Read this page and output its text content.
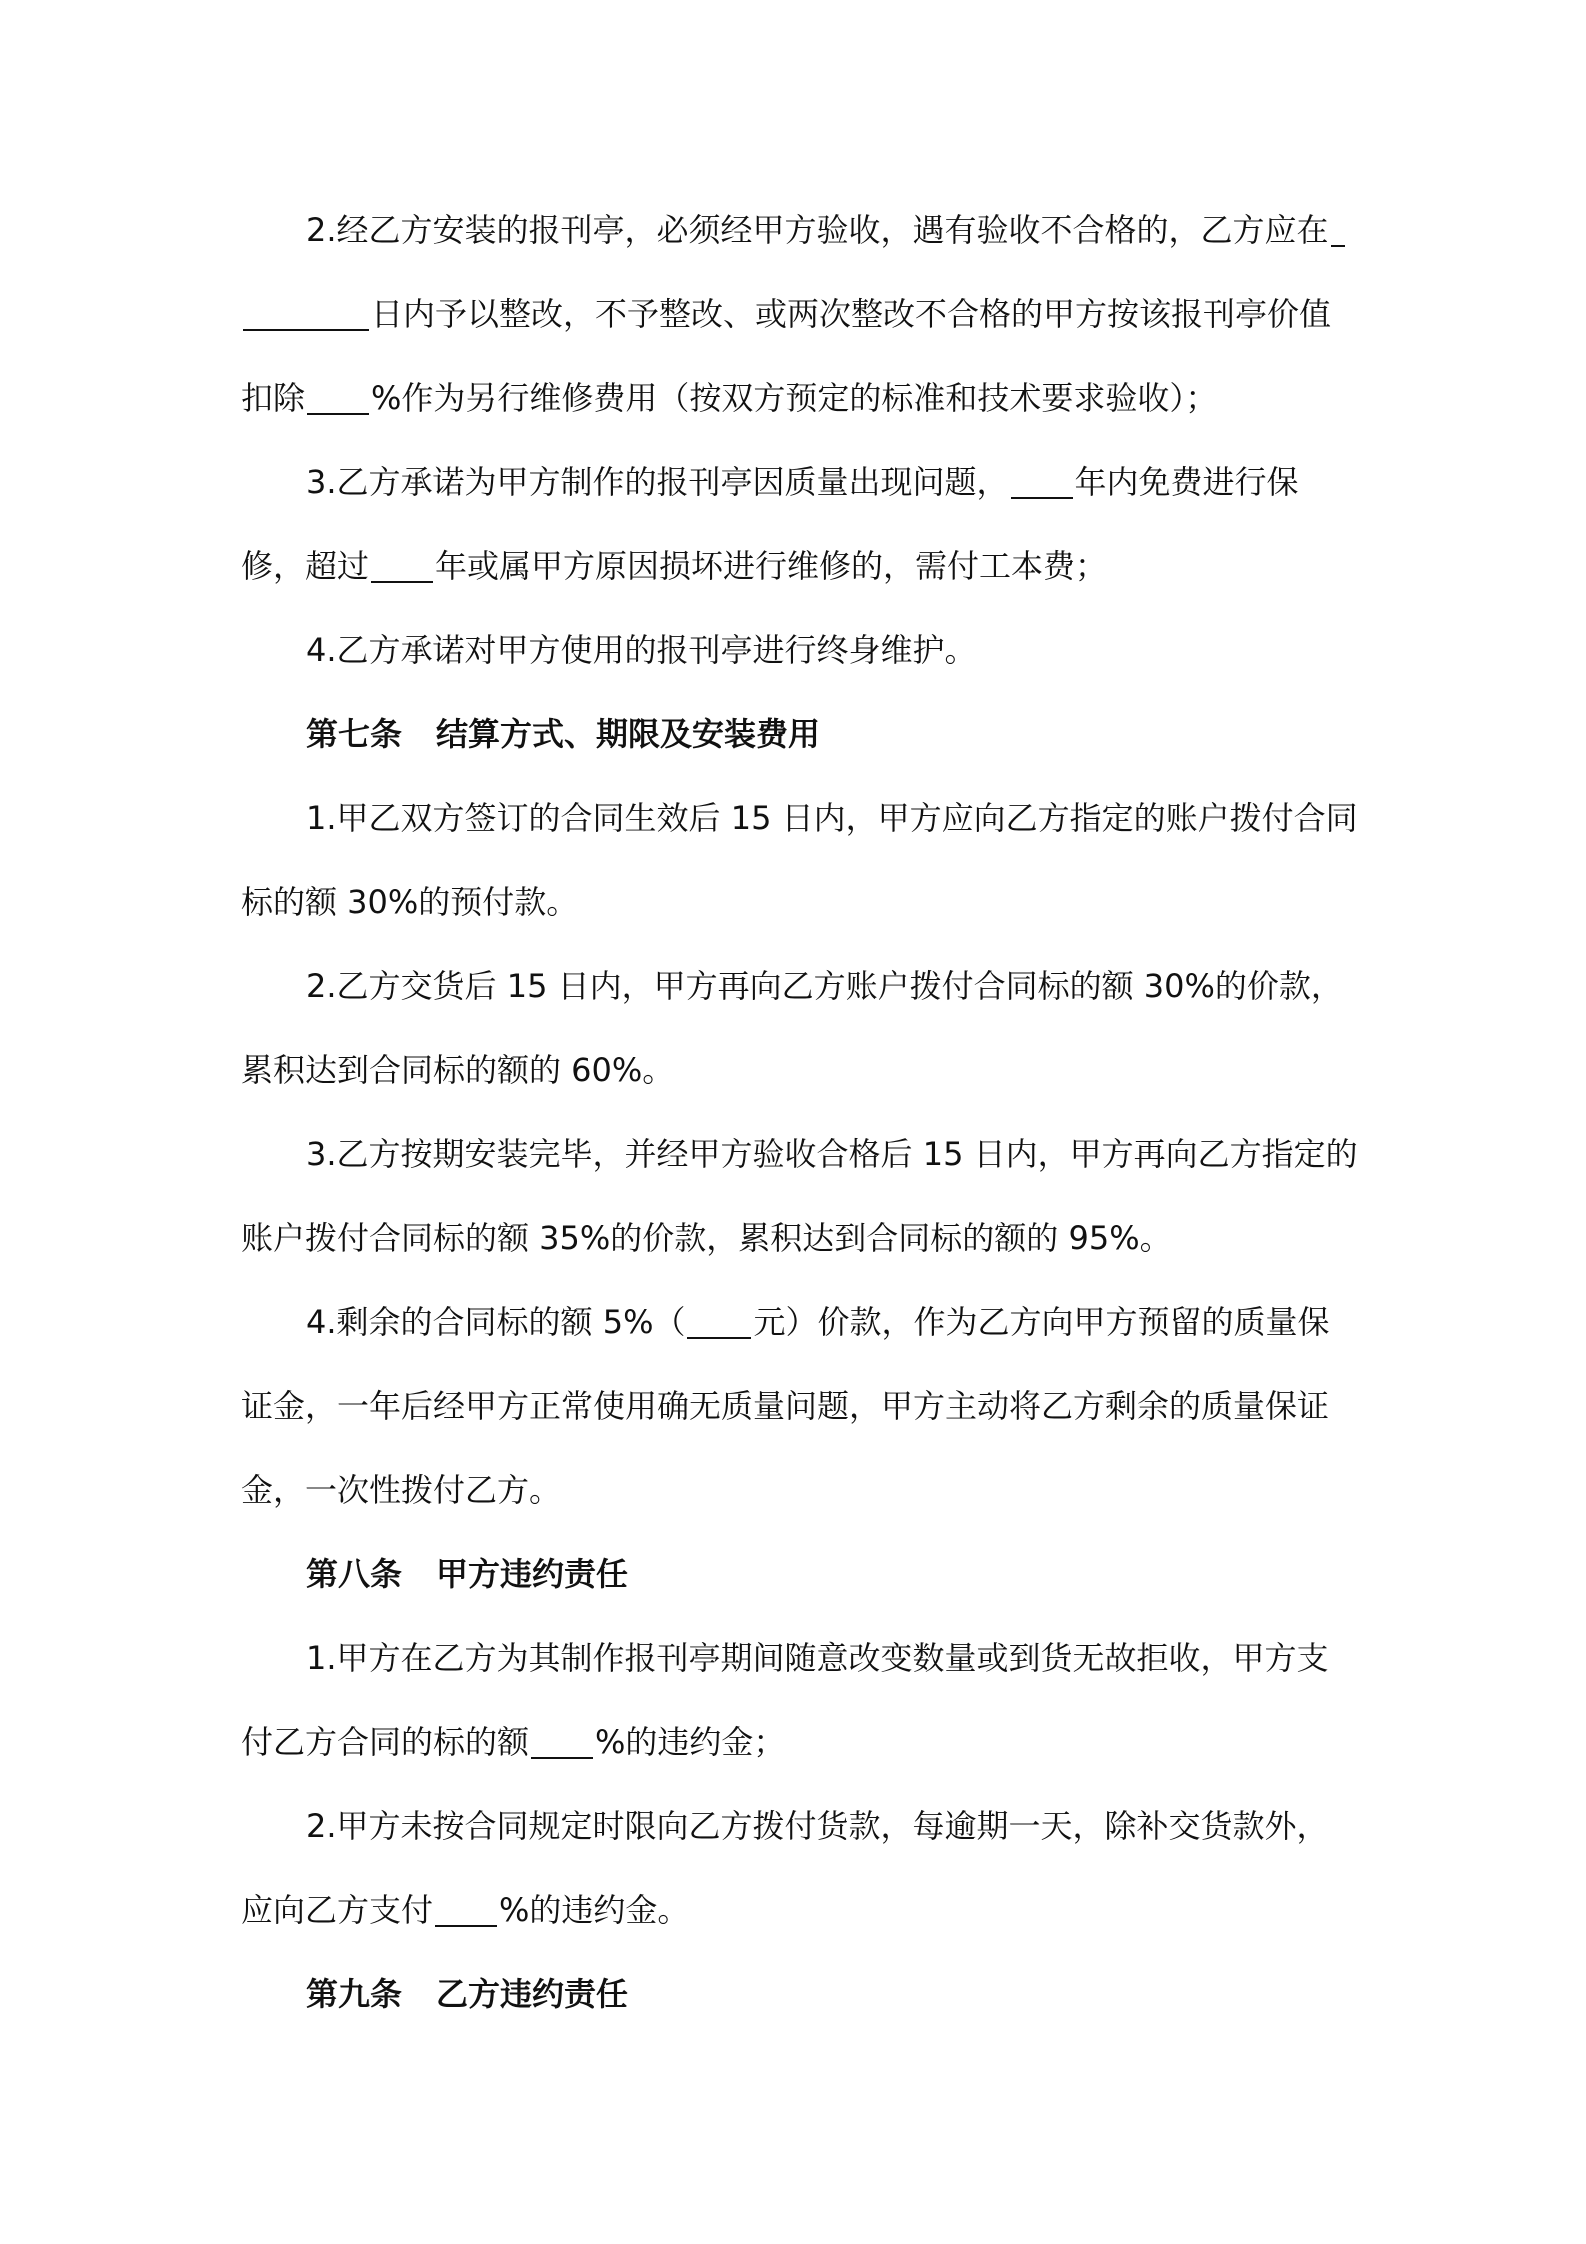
2.经乙方安装的报刊亭，必须经甲方验收，遇有验收不合格的，乙方应在
日内予以整改，不予整改、或两次整改不合格的甲方按该报刊亭价值
扣除 %作为另行维修费用（按双方预定的标准和技术要求验收）；
3.乙方承诺为甲方制作的报刊亭因质量出现问题， 年内免费进行保
修，超过 年或属甲方原因损坏进行维修的，需付工本费；
4.乙方承诺对甲方使用的报刊亭进行终身维护。
第七条 结算方式、期限及安装费用
1.甲乙双方签订的合同生效后 15 日内，甲方应向乙方指定的账户拨付合同
标的额 30%的预付款。
2.乙方交货后 15 日内，甲方再向乙方账户拨付合同标的额 30%的价款，
累积达到合同标的额的 60%。
3.乙方按期安装完毕，并经甲方验收合格后 15 日内，甲方再向乙方指定的
账户拨付合同标的额 35%的价款，累积达到合同标的额的 95%。
4.剩余的合同标的额 5%（ 元）价款，作为乙方向甲方预留的质量保
证金，一年后经甲方正常使用确无质量问题，甲方主动将乙方剩余的质量保证
金，一次性拨付乙方。
第八条 甲方违约责任
1.甲方在乙方为其制作报刊亭期间随意改变数量或到货无故拒收，甲方支
付乙方合同的标的额 %的违约金；
2.甲方未按合同规定时限向乙方拨付货款，每逾期一天，除补交货款外，
应向乙方支付 %的违约金。
第九条 乙方违约责任
